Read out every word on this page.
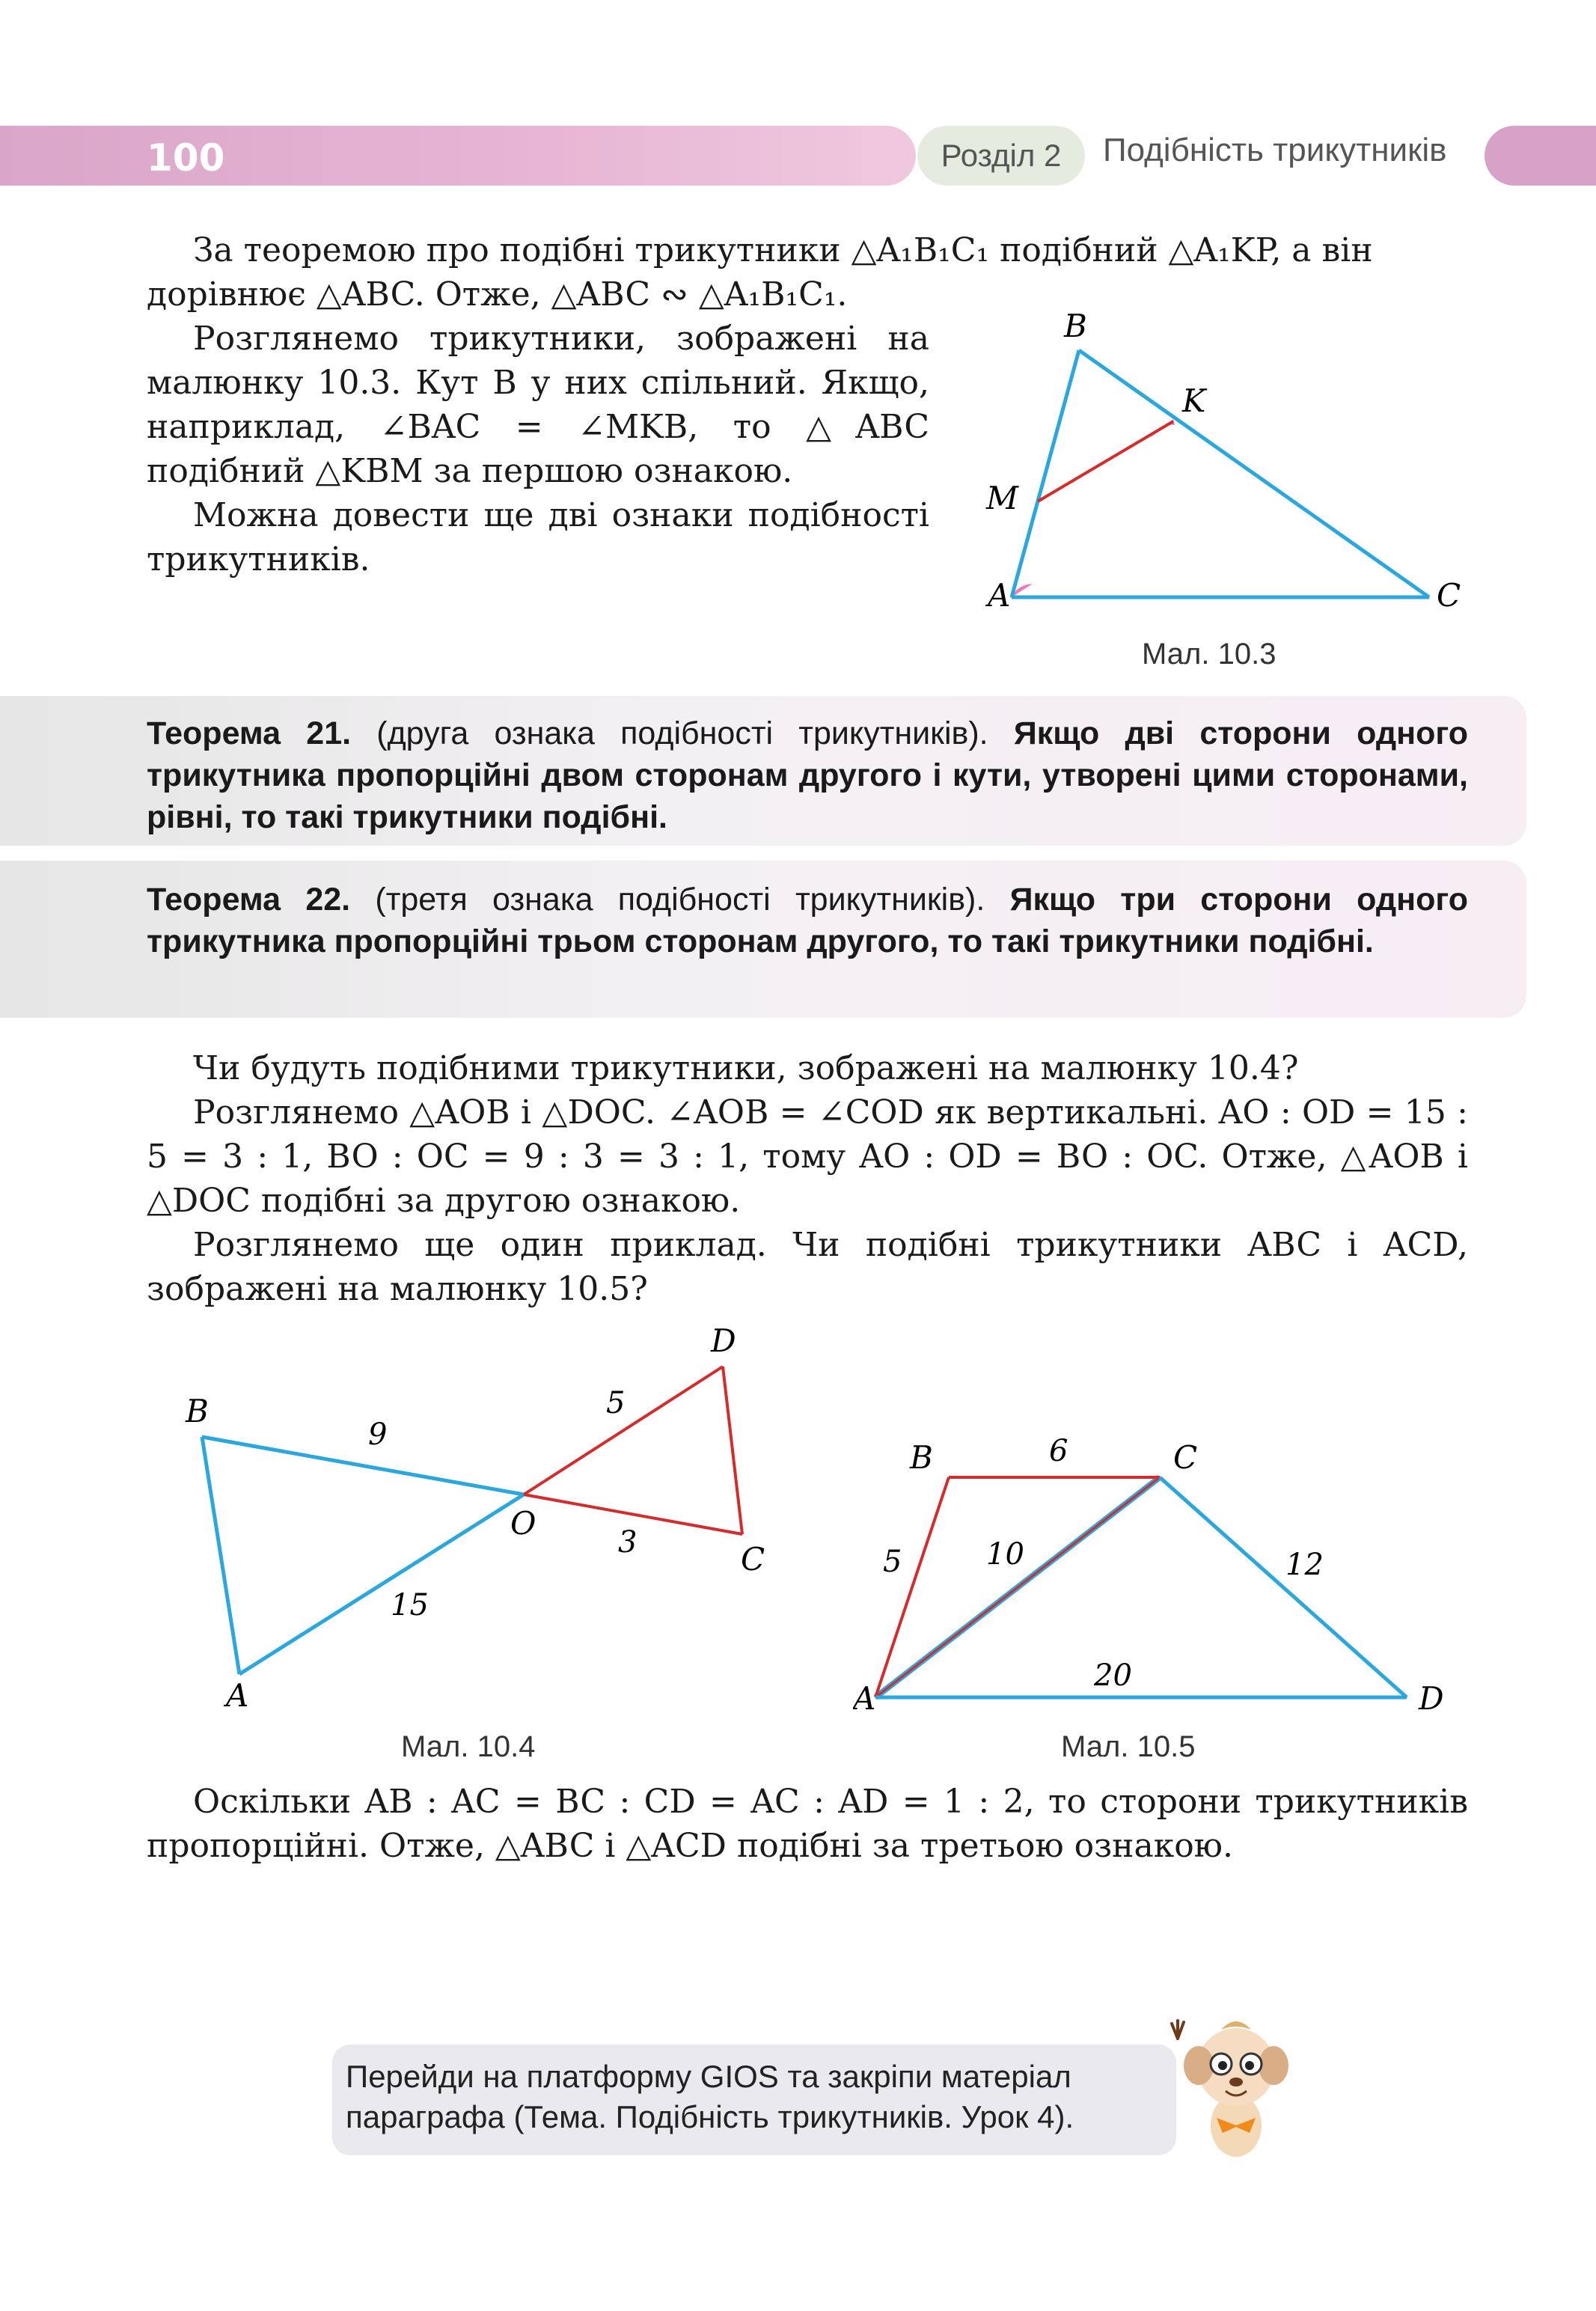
100	Розділ 2	Подібність трикутників
За теоремою про подібні трикутники △A₁B₁C₁ подібний △A₁KP, а він
дорівнює △ABC. Отже, △ABC ∾ △A₁B₁C₁.
Розглянемо трикутники, зображені на малюнку 10.3. Кут B у них спільний. Якщо, наприклад, ∠BAC = ∠MKB, то △ABC подібний △KBM за першою ознакою.
Можна довести ще дві ознаки подібності трикутників.
A
B
C
K
M
Мал. 10.3
Теорема 21. (друга ознака подібності трикутників). Якщо дві сторони одного трикутника пропорційні двом сторонам другого і кути, утворені цими сторонами, рівні, то такі трикутники подібні.
Теорема 22. (третя ознака подібності трикутників). Якщо три сторони одного трикутника пропорційні трьом сторонам другого, то такі трикутники подібні.
Чи будуть подібними трикутники, зображені на малюнку 10.4?
Розглянемо △AOB і △DOC. ∠AOB = ∠COD як вертикальні. AO : OD = 15 : 5 = 3 : 1, BO : OC = 9 : 3 = 3 : 1, тому AO : OD = BO : OC. Отже, △AOB і △DOC подібні за другою ознакою.
Розглянемо ще один приклад. Чи подібні трикутники ABC і ACD, зображені на малюнку 10.5?
B
A
O
D
C
9
15
5
3
Мал. 10.4
B	C
A	D
5
6
10	12
20
Мал. 10.5
Оскільки AB : AC = BC : CD = AC : AD = 1 : 2, то сторони трикутників пропорційні. Отже, △ABC і △ACD подібні за третьою ознакою.
Перейди на платформу GIOS та закріпи матеріал
параграфа (Тема. Подібність трикутників. Урок 4).
